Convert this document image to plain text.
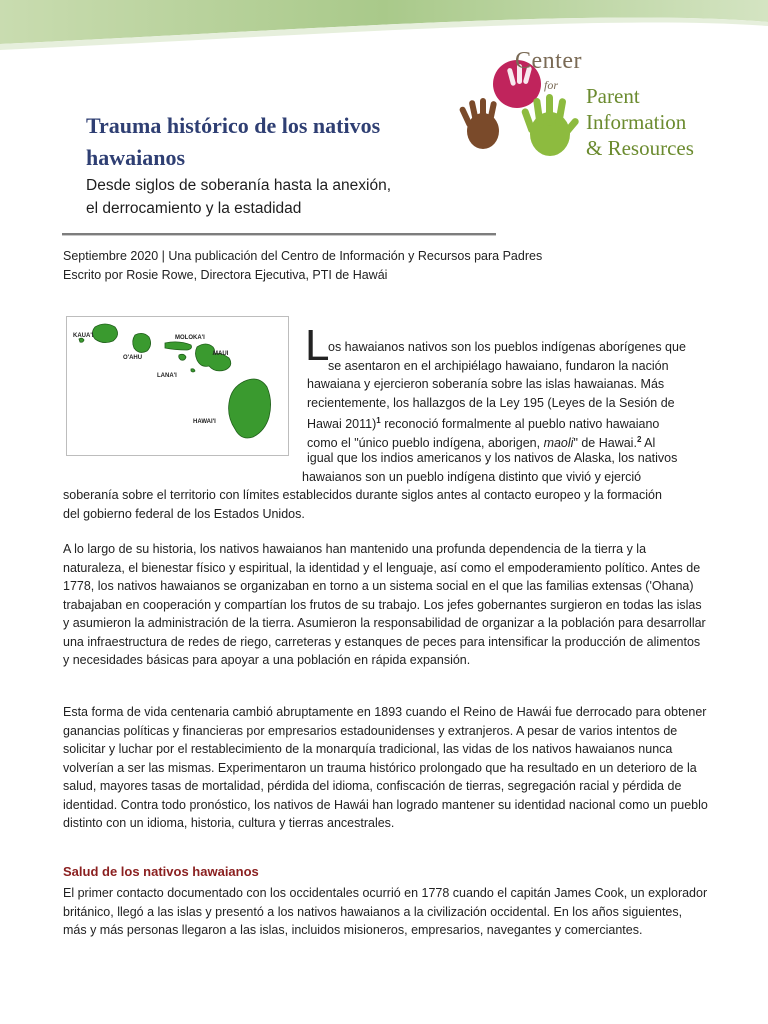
Center
for Parent
Information
& Resources
Trauma histórico de los nativos hawaianos
Desde siglos de soberanía hasta la anexión, el derrocamiento y la estadidad
Septiembre 2020 | Una publicación del Centro de Información y Recursos para Padres
Escrito por Rosie Rowe, Directora Ejecutiva, PTI de Hawái
KAUA'I
O'AHU
MOLOKA'I
MAUI
LANA'I
HAWAI'I
L
os hawaianos nativos son los pueblos indígenas aborígenes que
se asentaron en el archipiélago hawaiano, fundaron la nación
hawaiana y ejercieron soberanía sobre las islas hawaianas. Más
recientemente, los hallazgos de la Ley 195 (Leyes de la Sesión de
Hawai 2011)$^1$ reconoció formalmente al pueblo nativo hawaiano
como el "único pueblo indígena, aborigen, maoli" de Hawai.$^2$ Al
igual que los indios americanos y los nativos de Alaska, los nativos
hawaianos son un pueblo indígena distinto que vivió y ejerció
soberanía sobre el territorio con límites establecidos durante siglos antes al contacto europeo y la formación
del gobierno federal de los Estados Unidos.

A lo largo de su historia, los nativos hawaianos han mantenido una profunda dependencia de la tierra y la naturaleza, el bienestar físico y espiritual, la identidad y el lenguaje, así como el empoderamiento político. Antes de 1778, los nativos hawaianos se organizaban en torno a un sistema social en el que las familias extensas ('Ohana) trabajaban en cooperación y compartían los frutos de su trabajo. Los jefes gobernantes surgieron en todas las islas y asumieron la administración de la tierra. Asumieron la responsabilidad de organizar a la población para desarrollar una infraestructura de redes de riego, carreteras y estanques de peces para intensificar la producción de alimentos y necesidades básicas para apoyar a una población en rápida expansión.

Esta forma de vida centenaria cambió abruptamente en 1893 cuando el Reino de Hawái fue derrocado para obtener ganancias políticas y financieras por empresarios estadounidenses y extranjeros. A pesar de varios intentos de solicitar y luchar por el restablecimiento de la monarquía tradicional, las vidas de los nativos hawaianos nunca volverían a ser las mismas. Experimentaron un trauma histórico prolongado que ha resultado en un deterioro de la salud, mayores tasas de mortalidad, pérdida del idioma, confiscación de tierras, segregación racial y pérdida de identidad. Contra todo pronóstico, los nativos de Hawái han logrado mantener su identidad nacional como un pueblo distinto con un idioma, historia, cultura y tierras ancestrales.

Salud de los nativos hawaianos

El primer contacto documentado con los occidentales ocurrió en 1778 cuando el capitán James Cook, un explorador británico, llegó a las islas y presentó a los nativos hawaianos a la civilización occidental. En los años siguientes, más y más personas llegaron a las islas, incluidos misioneros, empresarios, navegantes y comerciantes.
